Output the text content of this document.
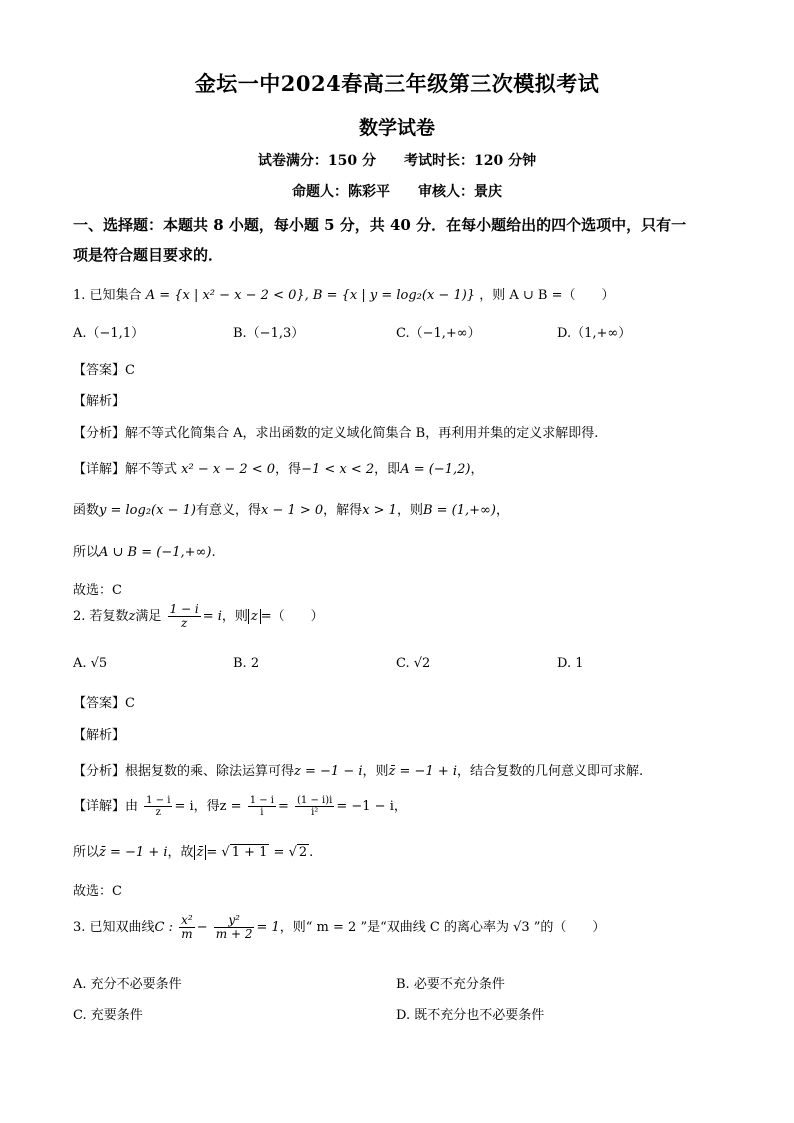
金坛一中2024春高三年级第三次模拟考试
数学试卷
试卷满分：150 分　　考试时长：120 分钟
命题人：陈彩平　　审核人：景庆
一、选择题：本题共 8 小题，每小题 5 分，共 40 分．在每小题给出的四个选项中，只有一
项是符合题目要求的．
1. 已知集合 A = {x | x² − x − 2 < 0}, B = {x | y = log₂(x − 1)} ，则 A ∪ B =（　　）
A.（−1,1）	B.（−1,3）	C.（−1,+∞）	D.（1,+∞）
【答案】C
【解析】
【分析】解不等式化简集合 A，求出函数的定义域化简集合 B，再利用并集的定义求解即得.
【详解】解不等式 x² − x − 2 < 0，得−1 < x < 2，即A = (−1,2)，
函数y = log₂(x − 1)有意义，得x − 1 > 0，解得x > 1，则B = (1,+∞)，
所以A ∪ B = (−1,+∞).
故选：C
2. 若复数z满足 $\frac{1 - i}{z} = i$，则 z =（　　）
A. √5	B. 2	C. √2	D. 1
【答案】C
【解析】
【分析】根据复数的乘、除法运算可得z = −1 − i，则z̄ = −1 + i，结合复数的几何意义即可求解.
【详解】由 $\frac{1 - i}{z} = i$，得$z = \frac{1 - i}{i} = \frac{(1 - i)i}{\text{i²}} = -1 - i$，
所以z̄ = −1 + i，故 z̄ = √ 1 + 1 = √ 2 .
故选：C
3. 已知双曲线C : $\frac{\text{x²}}{m} - \frac{\text{y²}}{m + 2} = 1$，则“ m = 2 ”是“双曲线 C 的离心率为 √3 ”的（　　）
A. 充分不必要条件	B. 必要不充分条件
C. 充要条件	D. 既不充分也不必要条件
